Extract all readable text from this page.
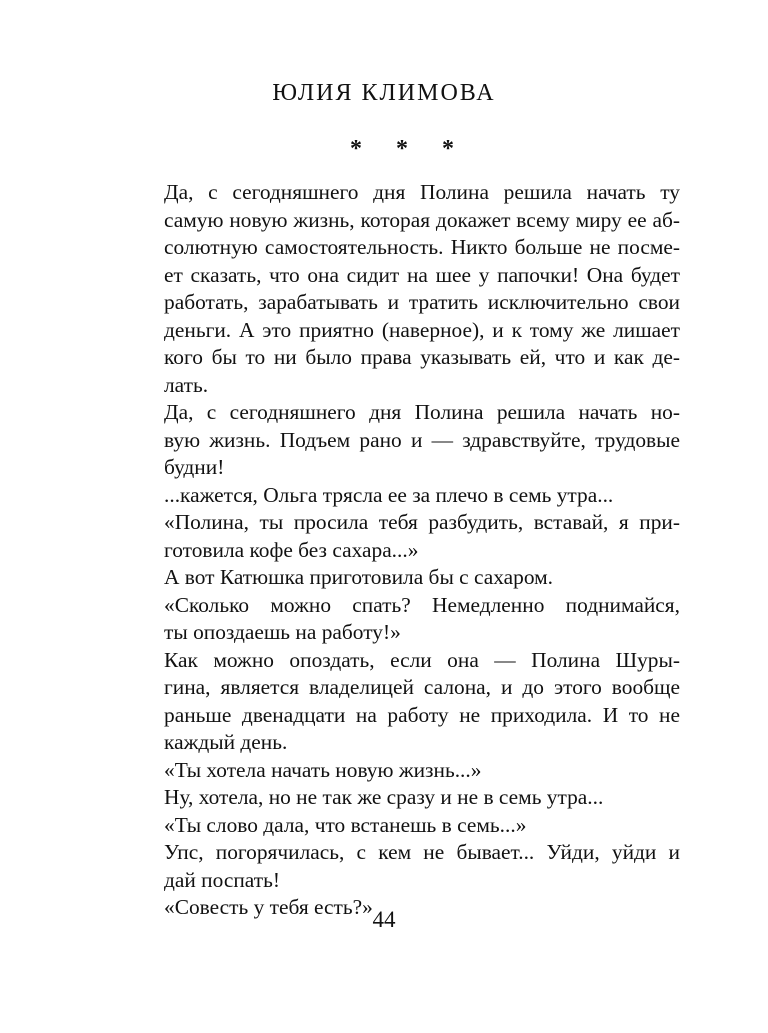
ЮЛИЯ КЛИМОВА
* * *

Да, с сегодняшнего дня Полина решила начать ту
самую новую жизнь, которая докажет всему миру ее аб-
солютную самостоятельность. Никто больше не посме-
ет сказать, что она сидит на шее у папочки! Она будет
работать, зарабатывать и тратить исключительно свои
деньги. А это приятно (наверное), и к тому же лишает
кого бы то ни было права указывать ей, что и как де-
лать.

Да, с сегодняшнего дня Полина решила начать но-
вую жизнь. Подъем рано и — здравствуйте, трудовые
будни!

...кажется, Ольга трясла ее за плечо в семь утра...

«Полина, ты просила тебя разбудить, вставай, я при-
готовила кофе без сахара...»

А вот Катюшка приготовила бы с сахаром.

«Сколько можно спать? Немедленно поднимайся,
ты опоздаешь на работу!»

Как можно опоздать, если она — Полина Шуры-
гина, является владелицей салона, и до этого вообще
раньше двенадцати на работу не приходила. И то не
каждый день.

«Ты хотела начать новую жизнь...»

Ну, хотела, но не так же сразу и не в семь утра...

«Ты слово дала, что встанешь в семь...»

Упс, погорячилась, с кем не бывает... Уйди, уйди и
дай поспать!

«Совесть у тебя есть?» 44
